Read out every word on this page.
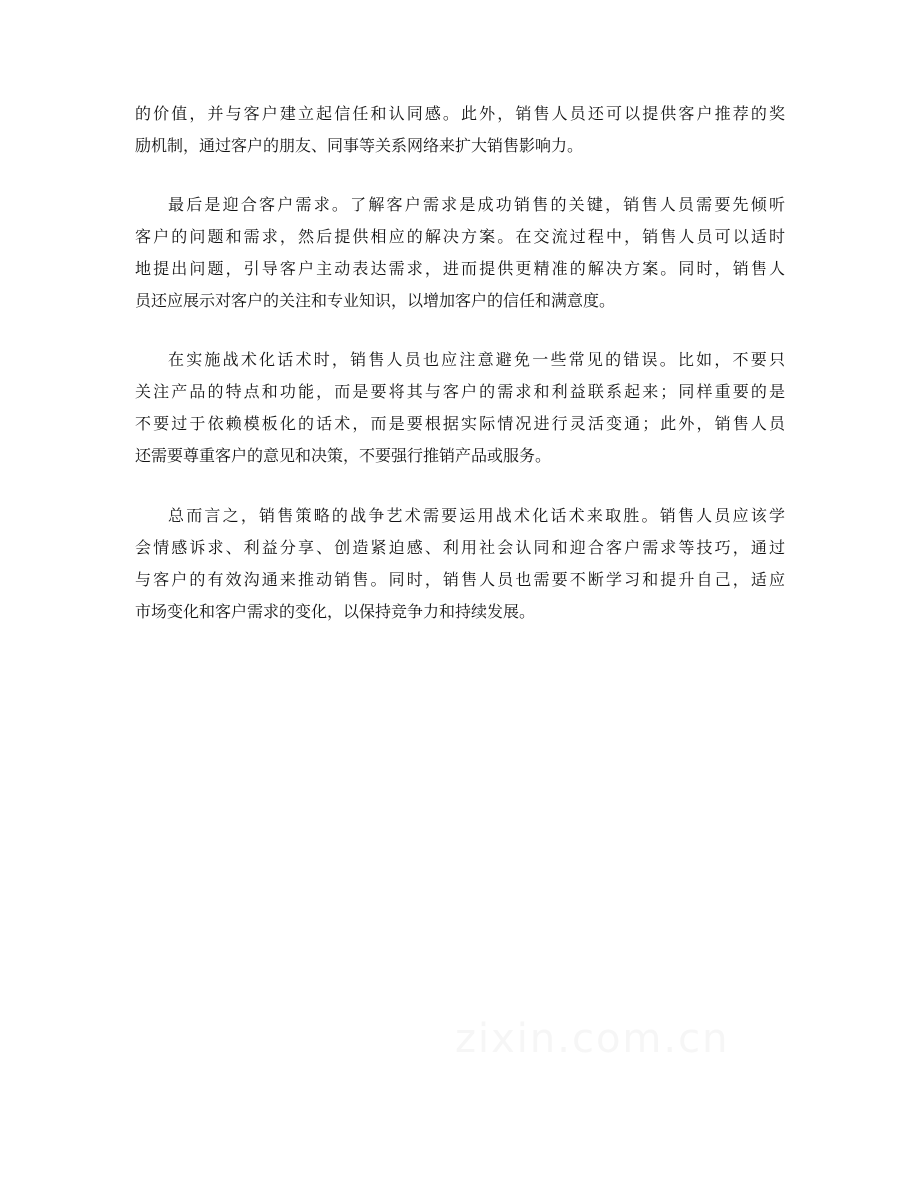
的价值，并与客户建立起信任和认同感。此外，销售人员还可以提供客户推荐的奖
励机制，通过客户的朋友、同事等关系网络来扩大销售影响力。
最后是迎合客户需求。了解客户需求是成功销售的关键，销售人员需要先倾听
客户的问题和需求，然后提供相应的解决方案。在交流过程中，销售人员可以适时
地提出问题，引导客户主动表达需求，进而提供更精准的解决方案。同时，销售人
员还应展示对客户的关注和专业知识，以增加客户的信任和满意度。
在实施战术化话术时，销售人员也应注意避免一些常见的错误。比如，不要只
关注产品的特点和功能，而是要将其与客户的需求和利益联系起来；同样重要的是
不要过于依赖模板化的话术，而是要根据实际情况进行灵活变通；此外，销售人员
还需要尊重客户的意见和决策，不要强行推销产品或服务。
总而言之，销售策略的战争艺术需要运用战术化话术来取胜。销售人员应该学
会情感诉求、利益分享、创造紧迫感、利用社会认同和迎合客户需求等技巧，通过
与客户的有效沟通来推动销售。同时，销售人员也需要不断学习和提升自己，适应
市场变化和客户需求的变化，以保持竞争力和持续发展。
zixin.com.cn
